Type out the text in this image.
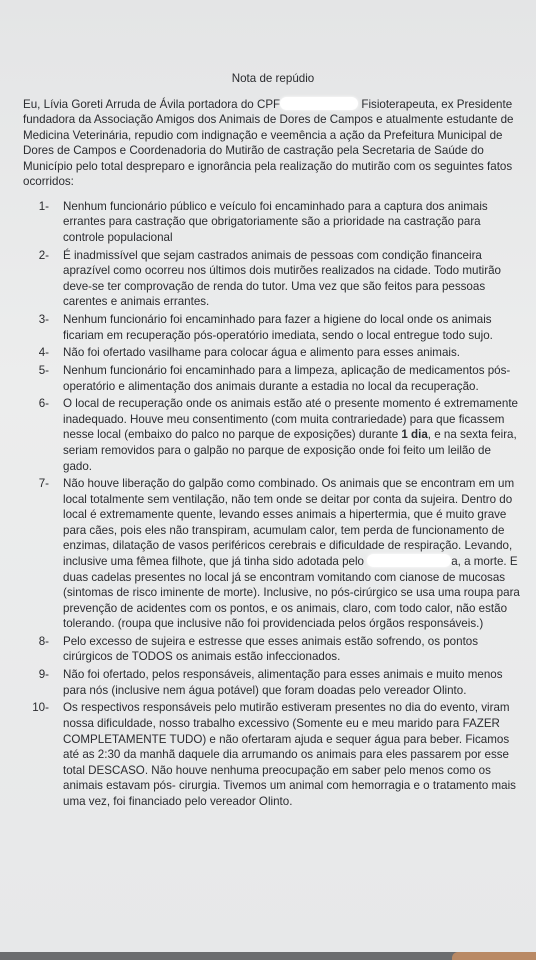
Nota de repúdio

Eu, Lívia Goreti Arruda de Ávila portadora do CPF	Fisioterapeuta, ex Presidente fundadora da Associação Amigos dos Animais de Dores de Campos e atualmente estudante de Medicina Veterinária, repudio com indignação e veemência a ação da Prefeitura Municipal de Dores de Campos e Coordenadoria do Mutirão de castração pela Secretaria de Saúde do Município pelo total despreparo e ignorância pela realização do mutirão com os seguintes fatos ocorridos:

1- Nenhum funcionário público e veículo foi encaminhado para a captura dos animais errantes para castração que obrigatoriamente são a prioridade na castração para controle populacional
2- É inadmissível que sejam castrados animais de pessoas com condição financeira aprazível como ocorreu nos últimos dois mutirões realizados na cidade. Todo mutirão deve-se ter comprovação de renda do tutor. Uma vez que são feitos para pessoas carentes e animais errantes.
3- Nenhum funcionário foi encaminhado para fazer a higiene do local onde os animais ficariam em recuperação pós-operatório imediata, sendo o local entregue todo sujo.
4- Não foi ofertado vasilhame para colocar água e alimento para esses animais.
5- Nenhum funcionário foi encaminhado para a limpeza, aplicação de medicamentos pós-operatório e alimentação dos animais durante a estadia no local da recuperação.
6- O local de recuperação onde os animais estão até o presente momento é extremamente inadequado. Houve meu consentimento (com muita contrariedade) para que ficassem nesse local (embaixo do palco no parque de exposições) durante 1 dia, e na sexta feira, seriam removidos para o galpão no parque de exposição onde foi feito um leilão de gado.
7- Não houve liberação do galpão como combinado. Os animais que se encontram em um local totalmente sem ventilação, não tem onde se deitar por conta da sujeira. Dentro do local é extremamente quente, levando esses animais a hipertermia, que é muito grave para cães, pois eles não transpiram, acumulam calor, tem perda de funcionamento de enzimas, dilatação de vasos periféricos cerebrais e dificuldade de respiração. Levando, inclusive uma fêmea filhote, que já tinha sido adotada pelo	a, a morte. E duas cadelas presentes no local já se encontram vomitando com cianose de mucosas (sintomas de risco iminente de morte). Inclusive, no pós-cirúrgico se usa uma roupa para prevenção de acidentes com os pontos, e os animais, claro, com todo calor, não estão tolerando. (roupa que inclusive não foi providenciada pelos órgãos responsáveis.)
8- Pelo excesso de sujeira e estresse que esses animais estão sofrendo, os pontos cirúrgicos de TODOS os animais estão infeccionados.
9- Não foi ofertado, pelos responsáveis, alimentação para esses animais e muito menos para nós (inclusive nem água potável) que foram doadas pelo vereador Olinto.
10- Os respectivos responsáveis pelo mutirão estiveram presentes no dia do evento, viram nossa dificuldade, nosso trabalho excessivo (Somente eu e meu marido para FAZER COMPLETAMENTE TUDO) e não ofertaram ajuda e sequer água para beber. Ficamos até as 2:30 da manhã daquele dia arrumando os animais para eles passarem por esse total DESCASO. Não houve nenhuma preocupação em saber pelo menos como os animais estavam pós- cirurgia. Tivemos um animal com hemorragia e o tratamento mais uma vez, foi financiado pelo vereador Olinto.
